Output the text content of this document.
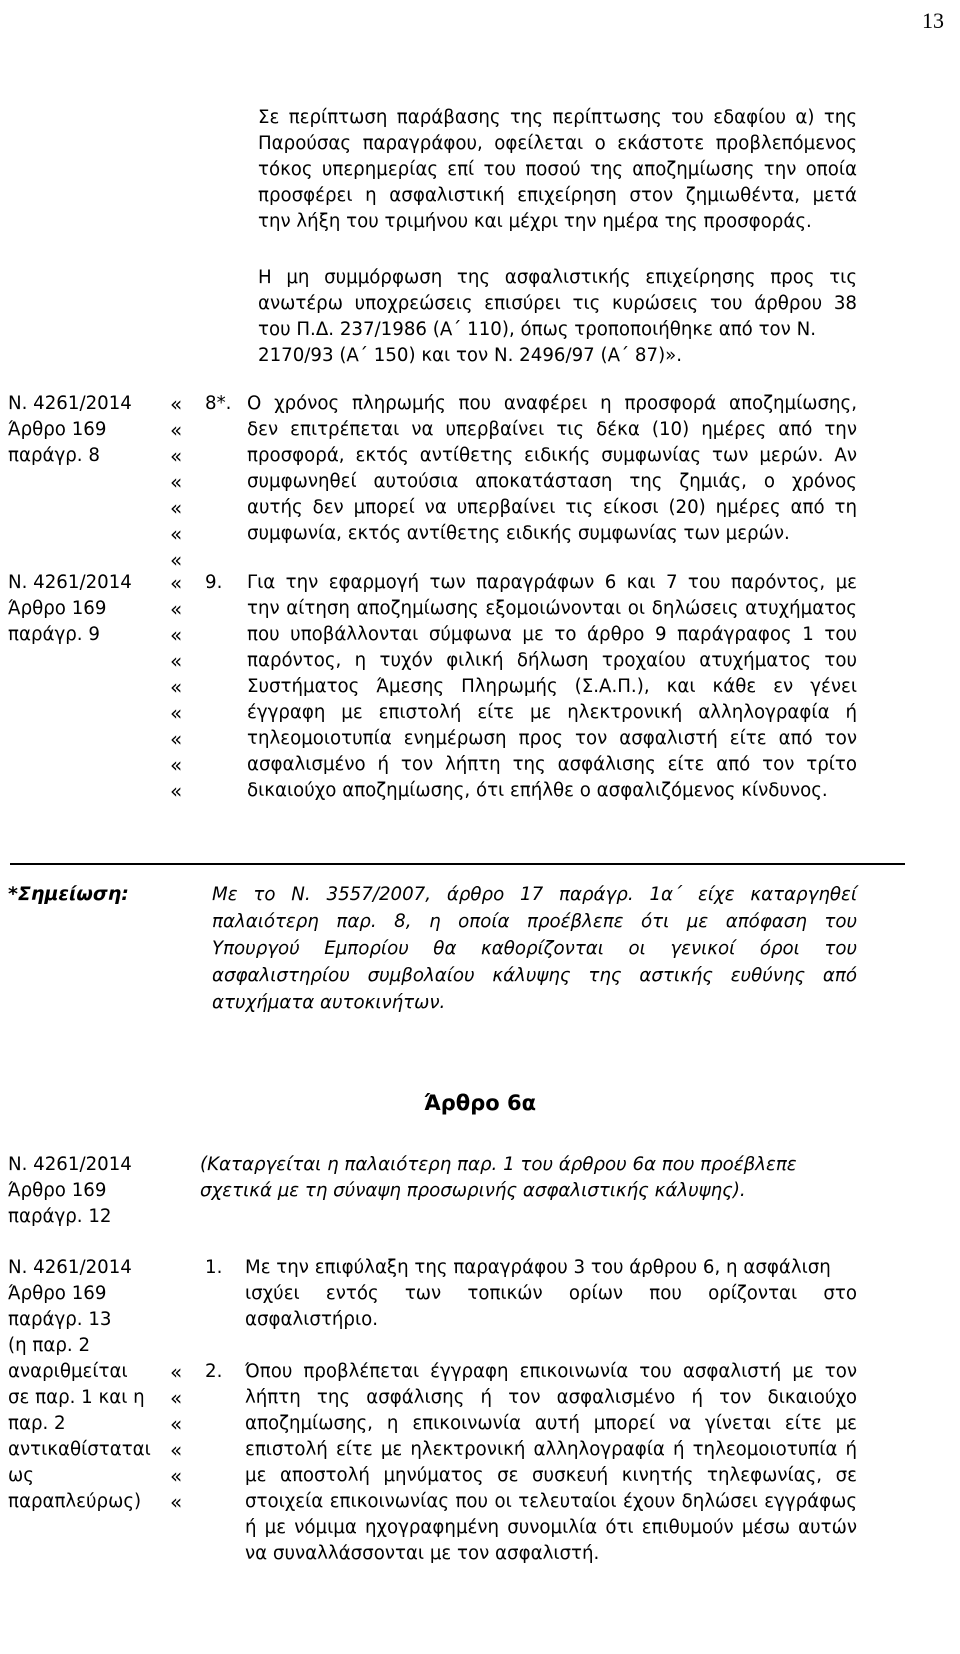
13
Σε περίπτωση παράβασης της περίπτωσης του εδαφίου α) της
Παρούσας παραγράφου, οφείλεται ο εκάστοτε προβλεπόμενος
τόκος υπερημερίας επί του ποσού της αποζημίωσης την οποία
προσφέρει η ασφαλιστική επιχείρηση στον ζημιωθέντα, μετά
την λήξη του τριμήνου και μέχρι την ημέρα της προσφοράς.
Η μη συμμόρφωση της ασφαλιστικής επιχείρησης προς τις
ανωτέρω υποχρεώσεις επισύρει τις κυρώσεις του άρθρου 38
του Π.Δ. 237/1986 (Α΄ 110), όπως τροποποιήθηκε από τον Ν.
2170/93 (Α΄ 150) και τον Ν. 2496/97 (Α΄ 87)».
Ν. 4261/2014
Άρθρο 169
παράγρ. 8
«
«
«
«
«
«
«
8*. Ο χρόνος πληρωμής που αναφέρει η προσφορά αποζημίωσης,
δεν επιτρέπεται να υπερβαίνει τις δέκα (10) ημέρες από την
προσφορά, εκτός αντίθετης ειδικής συμφωνίας των μερών. Αν
συμφωνηθεί αυτούσια αποκατάσταση της ζημιάς, ο χρόνος
αυτής δεν μπορεί να υπερβαίνει τις είκοσι (20) ημέρες από τη
συμφωνία, εκτός αντίθετης ειδικής συμφωνίας των μερών.
Ν. 4261/2014
Άρθρο 169
παράγρ. 9
«
«
«
«
«
«
«
«
«
9. Για την εφαρμογή των παραγράφων 6 και 7 του παρόντος, με
την αίτηση αποζημίωσης εξομοιώνονται οι δηλώσεις ατυχήματος
που υποβάλλονται σύμφωνα με το άρθρο 9 παράγραφος 1 του
παρόντος, η τυχόν φιλική δήλωση τροχαίου ατυχήματος του
Συστήματος Άμεσης Πληρωμής (Σ.Α.Π.), και κάθε εν γένει
έγγραφη με επιστολή είτε με ηλεκτρονική αλληλογραφία ή
τηλεομοιοτυπία ενημέρωση προς τον ασφαλιστή είτε από τον
ασφαλισμένο ή τον λήπτη της ασφάλισης είτε από τον τρίτο
δικαιούχο αποζημίωσης, ότι επήλθε ο ασφαλιζόμενος κίνδυνος.
*Σημείωση:	Με το Ν. 3557/2007, άρθρο 17 παράγρ. 1α΄ είχε καταργηθεί
παλαιότερη παρ. 8, η οποία προέβλεπε ότι με απόφαση του
Υπουργού Εμπορίου θα καθορίζονται οι γενικοί όροι του
ασφαλιστηρίου συμβολαίου κάλυψης της αστικής ευθύνης από
ατυχήματα αυτοκινήτων.
Άρθρο 6α
Ν. 4261/2014
Άρθρο 169
παράγρ. 12
(Καταργείται η παλαιότερη παρ. 1 του άρθρου 6α που προέβλεπε
σχετικά με τη σύναψη προσωρινής ασφαλιστικής κάλυψης).
Ν. 4261/2014
Άρθρο 169
παράγρ. 13
(η παρ. 2
αναριθμείται
σε παρ. 1 και η
παρ. 2
αντικαθίσταται
ως
παραπλεύρως)
1. Με την επιφύλαξη της παραγράφου 3 του άρθρου 6, η ασφάλιση
ισχύει εντός των τοπικών ορίων που ορίζονται στο
ασφαλιστήριο.
«
«
«
«
«
«
2. Όπου προβλέπεται έγγραφη επικοινωνία του ασφαλιστή με τον
λήπτη της ασφάλισης ή τον ασφαλισμένο ή τον δικαιούχο
αποζημίωσης, η επικοινωνία αυτή μπορεί να γίνεται είτε με
επιστολή είτε με ηλεκτρονική αλληλογραφία ή τηλεομοιοτυπία ή
με αποστολή μηνύματος σε συσκευή κινητής τηλεφωνίας, σε
στοιχεία επικοινωνίας που οι τελευταίοι έχουν δηλώσει εγγράφως
ή με νόμιμα ηχογραφημένη συνομιλία ότι επιθυμούν μέσω αυτών
να συναλλάσσονται με τον ασφαλιστή.
